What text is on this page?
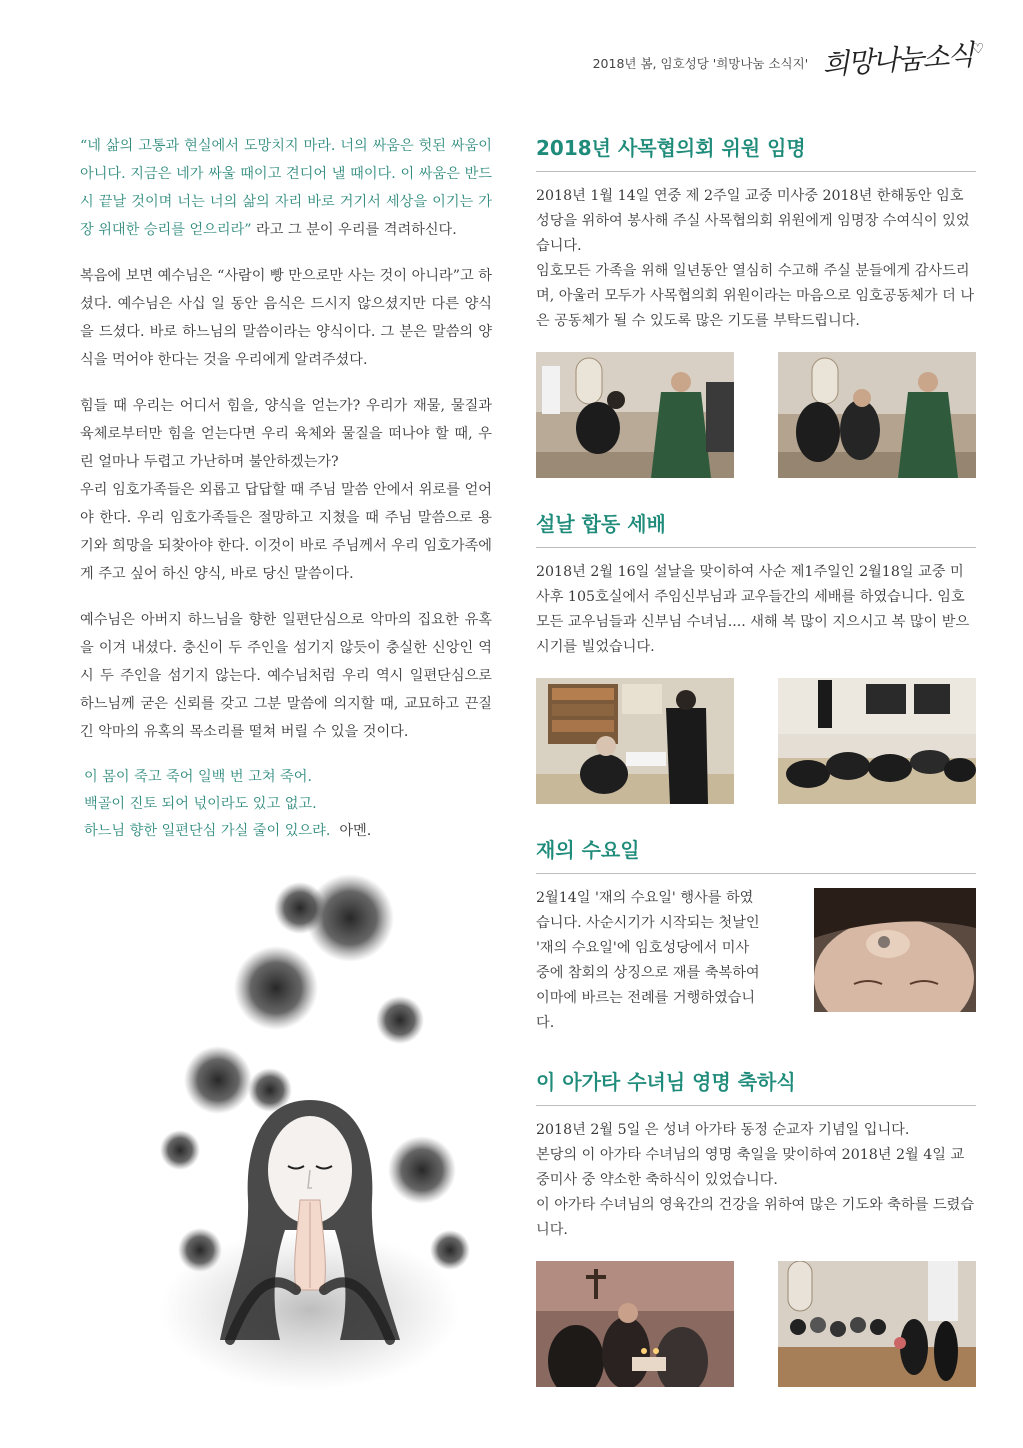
2018년 봄, 임호성당 '희망나눔 소식지' 희망나눔소식♡

“네 삶의 고통과 현실에서 도망치지 마라. 너의 싸움은 헛된 싸움이 아니다. 지금은 네가 싸울 때이고 견디어 낼 때이다. 이 싸움은 반드시 끝날 것이며 너는 너의 삶의 자리 바로 거기서 세상을 이기는 가장 위대한 승리를 얻으리라” 라고 그 분이 우리를 격려하신다.

복음에 보면 예수님은 “사람이 빵 만으로만 사는 것이 아니라”고 하셨다. 예수님은 사십 일 동안 음식은 드시지 않으셨지만 다른 양식을 드셨다. 바로 하느님의 말씀이라는 양식이다. 그 분은 말씀의 양식을 먹어야 한다는 것을 우리에게 알려주셨다.

힘들 때 우리는 어디서 힘을, 양식을 얻는가? 우리가 재물, 물질과 육체로부터만 힘을 얻는다면 우리 육체와 물질을 떠나야 할 때, 우린 얼마나 두렵고 가난하며 불안하겠는가?

우리 임호가족들은 외롭고 답답할 때 주님 말씀 안에서 위로를 얻어야 한다. 우리 임호가족들은 절망하고 지쳤을 때 주님 말씀으로 용기와 희망을 되찾아야 한다. 이것이 바로 주님께서 우리 임호가족에게 주고 싶어 하신 양식, 바로 당신 말씀이다.

예수님은 아버지 하느님을 향한 일편단심으로 악마의 집요한 유혹을 이겨 내셨다. 충신이 두 주인을 섬기지 않듯이 충실한 신앙인 역시 두 주인을 섬기지 않는다. 예수님처럼 우리 역시 일편단심으로 하느님께 굳은 신뢰를 갖고 그분 말씀에 의지할 때, 교묘하고 끈질긴 악마의 유혹의 목소리를 떨쳐 버릴 수 있을 것이다.

이 몸이 죽고 죽어 일백 번 고쳐 죽어.
백골이 진토 되어 넋이라도 있고 없고.
하느님 향한 일편단심 가실 줄이 있으랴. 아멘.
2018년 사목협의회 위원 임명

2018년 1월 14일 연중 제 2주일 교중 미사중 2018년 한해동안 임호성당을 위하여 봉사해 주실 사목협의회 위원에게 임명장 수여식이 있었습니다.

임호모든 가족을 위해 일년동안 열심히 수고해 주실 분들에게 감사드리며, 아울러 모두가 사목협의회 위원이라는 마음으로 임호공동체가 더 나은 공동체가 될 수 있도록 많은 기도를 부탁드립니다.

설날 합동 세배

2018년 2월 16일 설날을 맞이하여 사순 제1주일인 2월18일 교중 미사후 105호실에서 주임신부님과 교우들간의 세배를 하였습니다. 임호 모든 교우님들과 신부님 수녀님.... 새해 복 많이 지으시고 복 많이 받으시기를 빌었습니다.

재의 수요일

2월14일 '재의 수요일' 행사를 하였습니다. 사순시기가 시작되는 첫날인 '재의 수요일'에 임호성당에서 미사 중에 참회의 상징으로 재를 축복하여 이마에 바르는 전례를 거행하였습니다.

이 아가타 수녀님 영명 축하식

2018년 2월 5일 은 성녀 아가타 동정 순교자 기념일 입니다.

본당의 이 아가타 수녀님의 영명 축일을 맞이하여 2018년 2월 4일 교중미사 중 약소한 축하식이 있었습니다.

이 아가타 수녀님의 영육간의 건강을 위하여 많은 기도와 축하를 드렸습니다.
